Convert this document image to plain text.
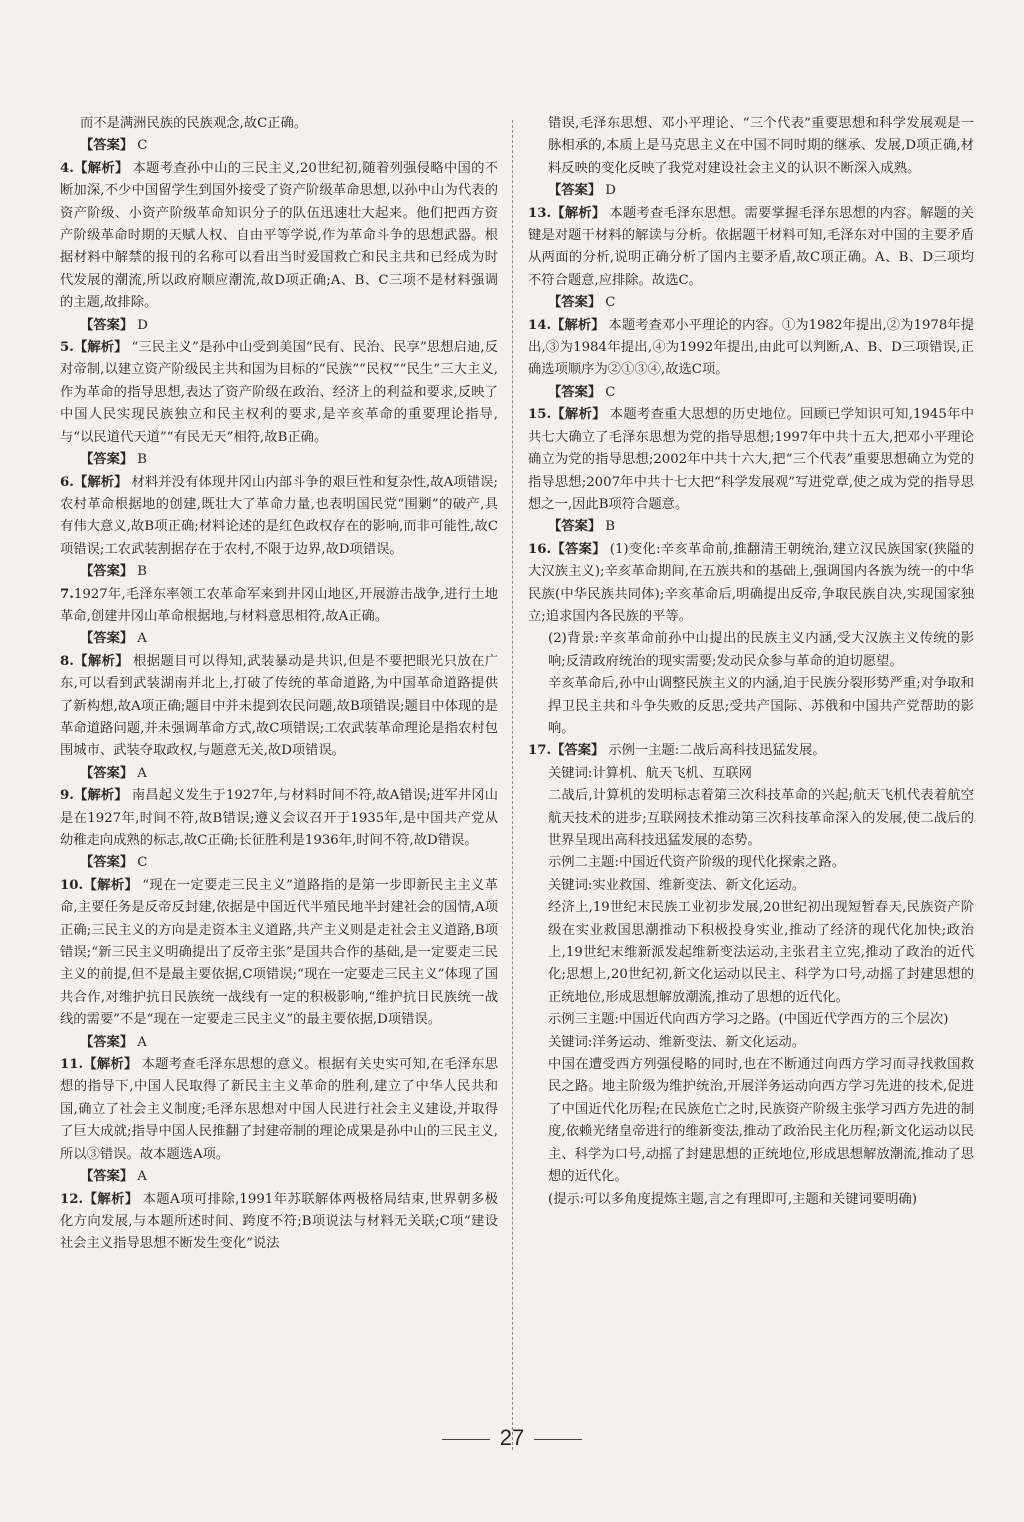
而不是满洲民族的民族观念,故C正确。

【答案】 C

4.【解析】 本题考查孙中山的三民主义,20世纪初,随着列强侵略中国的不断加深,不少中国留学生到国外接受了资产阶级革命思想,以孙中山为代表的资产阶级、小资产阶级革命知识分子的队伍迅速壮大起来。他们把西方资产阶级革命时期的天赋人权、自由平等学说,作为革命斗争的思想武器。根据材料中解禁的报刊的名称可以看出当时爱国救亡和民主共和已经成为时代发展的潮流,所以政府顺应潮流,故D项正确;A、B、C三项不是材料强调的主题,故排除。

【答案】 D

5.【解析】 “三民主义”是孙中山受到美国“民有、民治、民享”思想启迪,反对帝制,以建立资产阶级民主共和国为目标的“民族”“民权”“民生”三大主义,作为革命的指导思想,表达了资产阶级在政治、经济上的利益和要求,反映了中国人民实现民族独立和民主权利的要求,是辛亥革命的重要理论指导,与“以民道代天道”“有民无天”相符,故B正确。

【答案】 B

6.【解析】 材料并没有体现井冈山内部斗争的艰巨性和复杂性,故A项错误;农村革命根据地的创建,既壮大了革命力量,也表明国民党“围剿”的破产,具有伟大意义,故B项正确;材料论述的是红色政权存在的影响,而非可能性,故C项错误;工农武装割据存在于农村,不限于边界,故D项错误。

【答案】 B

7.1927年,毛泽东率领工农革命军来到井冈山地区,开展游击战争,进行土地革命,创建井冈山革命根据地,与材料意思相符,故A正确。

【答案】 A

8.【解析】 根据题目可以得知,武装暴动是共识,但是不要把眼光只放在广东,可以看到武装湖南并北上,打破了传统的革命道路,为中国革命道路提供了新构想,故A项正确;题目中并未提到农民问题,故B项错误;题目中体现的是革命道路问题,并未强调革命方式,故C项错误;工农武装革命理论是指农村包围城市、武装夺取政权,与题意无关,故D项错误。

【答案】 A

9.【解析】 南昌起义发生于1927年,与材料时间不符,故A错误;进军井冈山是在1927年,时间不符,故B错误;遵义会议召开于1935年,是中国共产党从幼稚走向成熟的标志,故C正确;长征胜利是1936年,时间不符,故D错误。

【答案】 C

10.【解析】 “现在一定要走三民主义”道路指的是第一步即新民主主义革命,主要任务是反帝反封建,依据是中国近代半殖民地半封建社会的国情,A项正确;三民主义的方向是走资本主义道路,共产主义则是走社会主义道路,B项错误;“新三民主义明确提出了反帝主张”是国共合作的基础,是一定要走三民主义的前提,但不是最主要依据,C项错误;“现在一定要走三民主义”体现了国共合作,对维护抗日民族统一战线有一定的积极影响,“维护抗日民族统一战线的需要”不是“现在一定要走三民主义”的最主要依据,D项错误。

【答案】 A

11.【解析】 本题考查毛泽东思想的意义。根据有关史实可知,在毛泽东思想的指导下,中国人民取得了新民主主义革命的胜利,建立了中华人民共和国,确立了社会主义制度;毛泽东思想对中国人民进行社会主义建设,并取得了巨大成就;指导中国人民推翻了封建帝制的理论成果是孙中山的三民主义,所以③错误。故本题选A项。

【答案】 A

12.【解析】 本题A项可排除,1991年苏联解体两极格局结束,世界朝多极化方向发展,与本题所述时间、跨度不符;B项说法与材料无关联;C项“建设社会主义指导思想不断发生变化”说法

错误,毛泽东思想、邓小平理论、“三个代表”重要思想和科学发展观是一脉相承的,本质上是马克思主义在中国不同时期的继承、发展,D项正确,材料反映的变化反映了我党对建设社会主义的认识不断深入成熟。

【答案】 D

13.【解析】 本题考查毛泽东思想。需要掌握毛泽东思想的内容。解题的关键是对题干材料的解读与分析。依据题干材料可知,毛泽东对中国的主要矛盾从两面的分析,说明正确分析了国内主要矛盾,故C项正确。A、B、D三项均不符合题意,应排除。故选C。

【答案】 C

14.【解析】 本题考查邓小平理论的内容。①为1982年提出,②为1978年提出,③为1984年提出,④为1992年提出,由此可以判断,A、B、D三项错误,正确选项顺序为②①③④,故选C项。

【答案】 C

15.【解析】 本题考查重大思想的历史地位。回顾已学知识可知,1945年中共七大确立了毛泽东思想为党的指导思想;1997年中共十五大,把邓小平理论确立为党的指导思想;2002年中共十六大,把“三个代表”重要思想确立为党的指导思想;2007年中共十七大把“科学发展观”写进党章,使之成为党的指导思想之一,因此B项符合题意。

【答案】 B

16.【答案】 (1)变化:辛亥革命前,推翻清王朝统治,建立汉民族国家(狭隘的大汉族主义);辛亥革命期间,在五族共和的基础上,强调国内各族为统一的中华民族(中华民族共同体);辛亥革命后,明确提出反帝,争取民族自决,实现国家独立;追求国内各民族的平等。

(2)背景:辛亥革命前孙中山提出的民族主义内涵,受大汉族主义传统的影响;反清政府统治的现实需要;发动民众参与革命的迫切愿望。

辛亥革命后,孙中山调整民族主义的内涵,迫于民族分裂形势严重;对争取和捍卫民主共和斗争失败的反思;受共产国际、苏俄和中国共产党帮助的影响。

17.【答案】 示例一主题:二战后高科技迅猛发展。

关键词:计算机、航天飞机、互联网

二战后,计算机的发明标志着第三次科技革命的兴起;航天飞机代表着航空航天技术的进步;互联网技术推动第三次科技革命深入的发展,使二战后的世界呈现出高科技迅猛发展的态势。

示例二主题:中国近代资产阶级的现代化探索之路。

关键词:实业救国、维新变法、新文化运动。

经济上,19世纪末民族工业初步发展,20世纪初出现短暂春天,民族资产阶级在实业救国思潮推动下积极投身实业,推动了经济的现代化加快;政治上,19世纪末维新派发起维新变法运动,主张君主立宪,推动了政治的近代化;思想上,20世纪初,新文化运动以民主、科学为口号,动摇了封建思想的正统地位,形成思想解放潮流,推动了思想的近代化。

示例三主题:中国近代向西方学习之路。(中国近代学西方的三个层次)

关键词:洋务运动、维新变法、新文化运动。

中国在遭受西方列强侵略的同时,也在不断通过向西方学习而寻找救国救民之路。地主阶级为维护统治,开展洋务运动向西方学习先进的技术,促进了中国近代化历程;在民族危亡之时,民族资产阶级主张学习西方先进的制度,依赖光绪皇帝进行的维新变法,推动了政治民主化历程;新文化运动以民主、科学为口号,动摇了封建思想的正统地位,形成思想解放潮流,推动了思想的近代化。

(提示:可以多角度提炼主题,言之有理即可,主题和关键词要明确)

27
